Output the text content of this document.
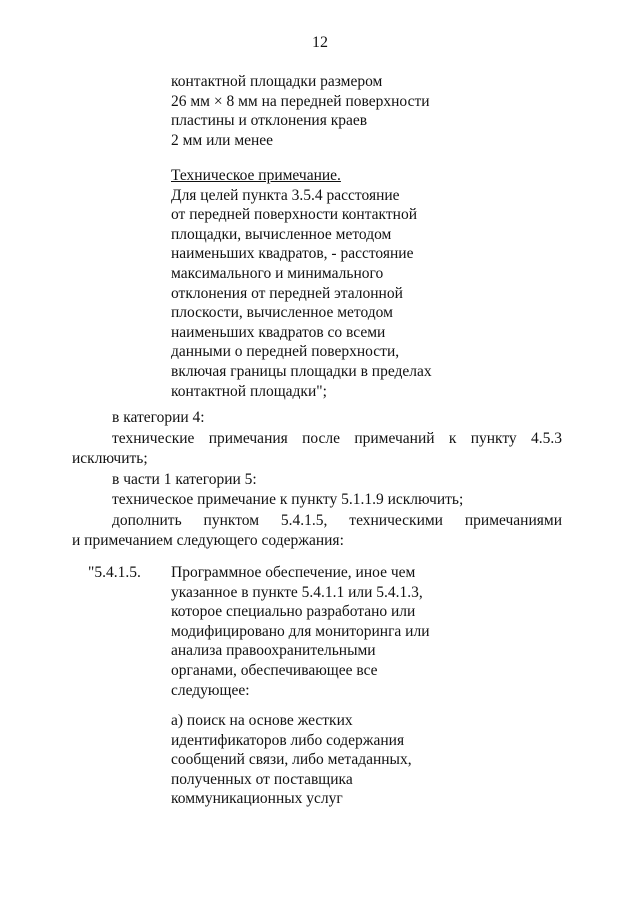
12
контактной площадки размером
26 мм × 8 мм на передней поверхности
пластины и отклонения краев
2 мм или менее
Техническое примечание.
Для целей пункта 3.5.4 расстояние
от передней поверхности контактной
площадки, вычисленное методом
наименьших квадратов, - расстояние
максимального и минимального
отклонения от передней эталонной
плоскости, вычисленное методом
наименьших квадратов со всеми
данными о передней поверхности,
включая границы площадки в пределах
контактной площадки";
в категории 4:
технические примечания после примечаний к пункту 4.5.3
исключить;
в части 1 категории 5:
техническое примечание к пункту 5.1.1.9 исключить;
дополнить пунктом 5.4.1.5, техническими примечаниями
и примечанием следующего содержания:
"5.4.1.5. Программное обеспечение, иное чем
указанное в пункте 5.4.1.1 или 5.4.1.3,
которое специально разработано или
модифицировано для мониторинга или
анализа правоохранительными
органами, обеспечивающее все
следующее:
а) поиск на основе жестких
идентификаторов либо содержания
сообщений связи, либо метаданных,
полученных от поставщика
коммуникационных услуг
